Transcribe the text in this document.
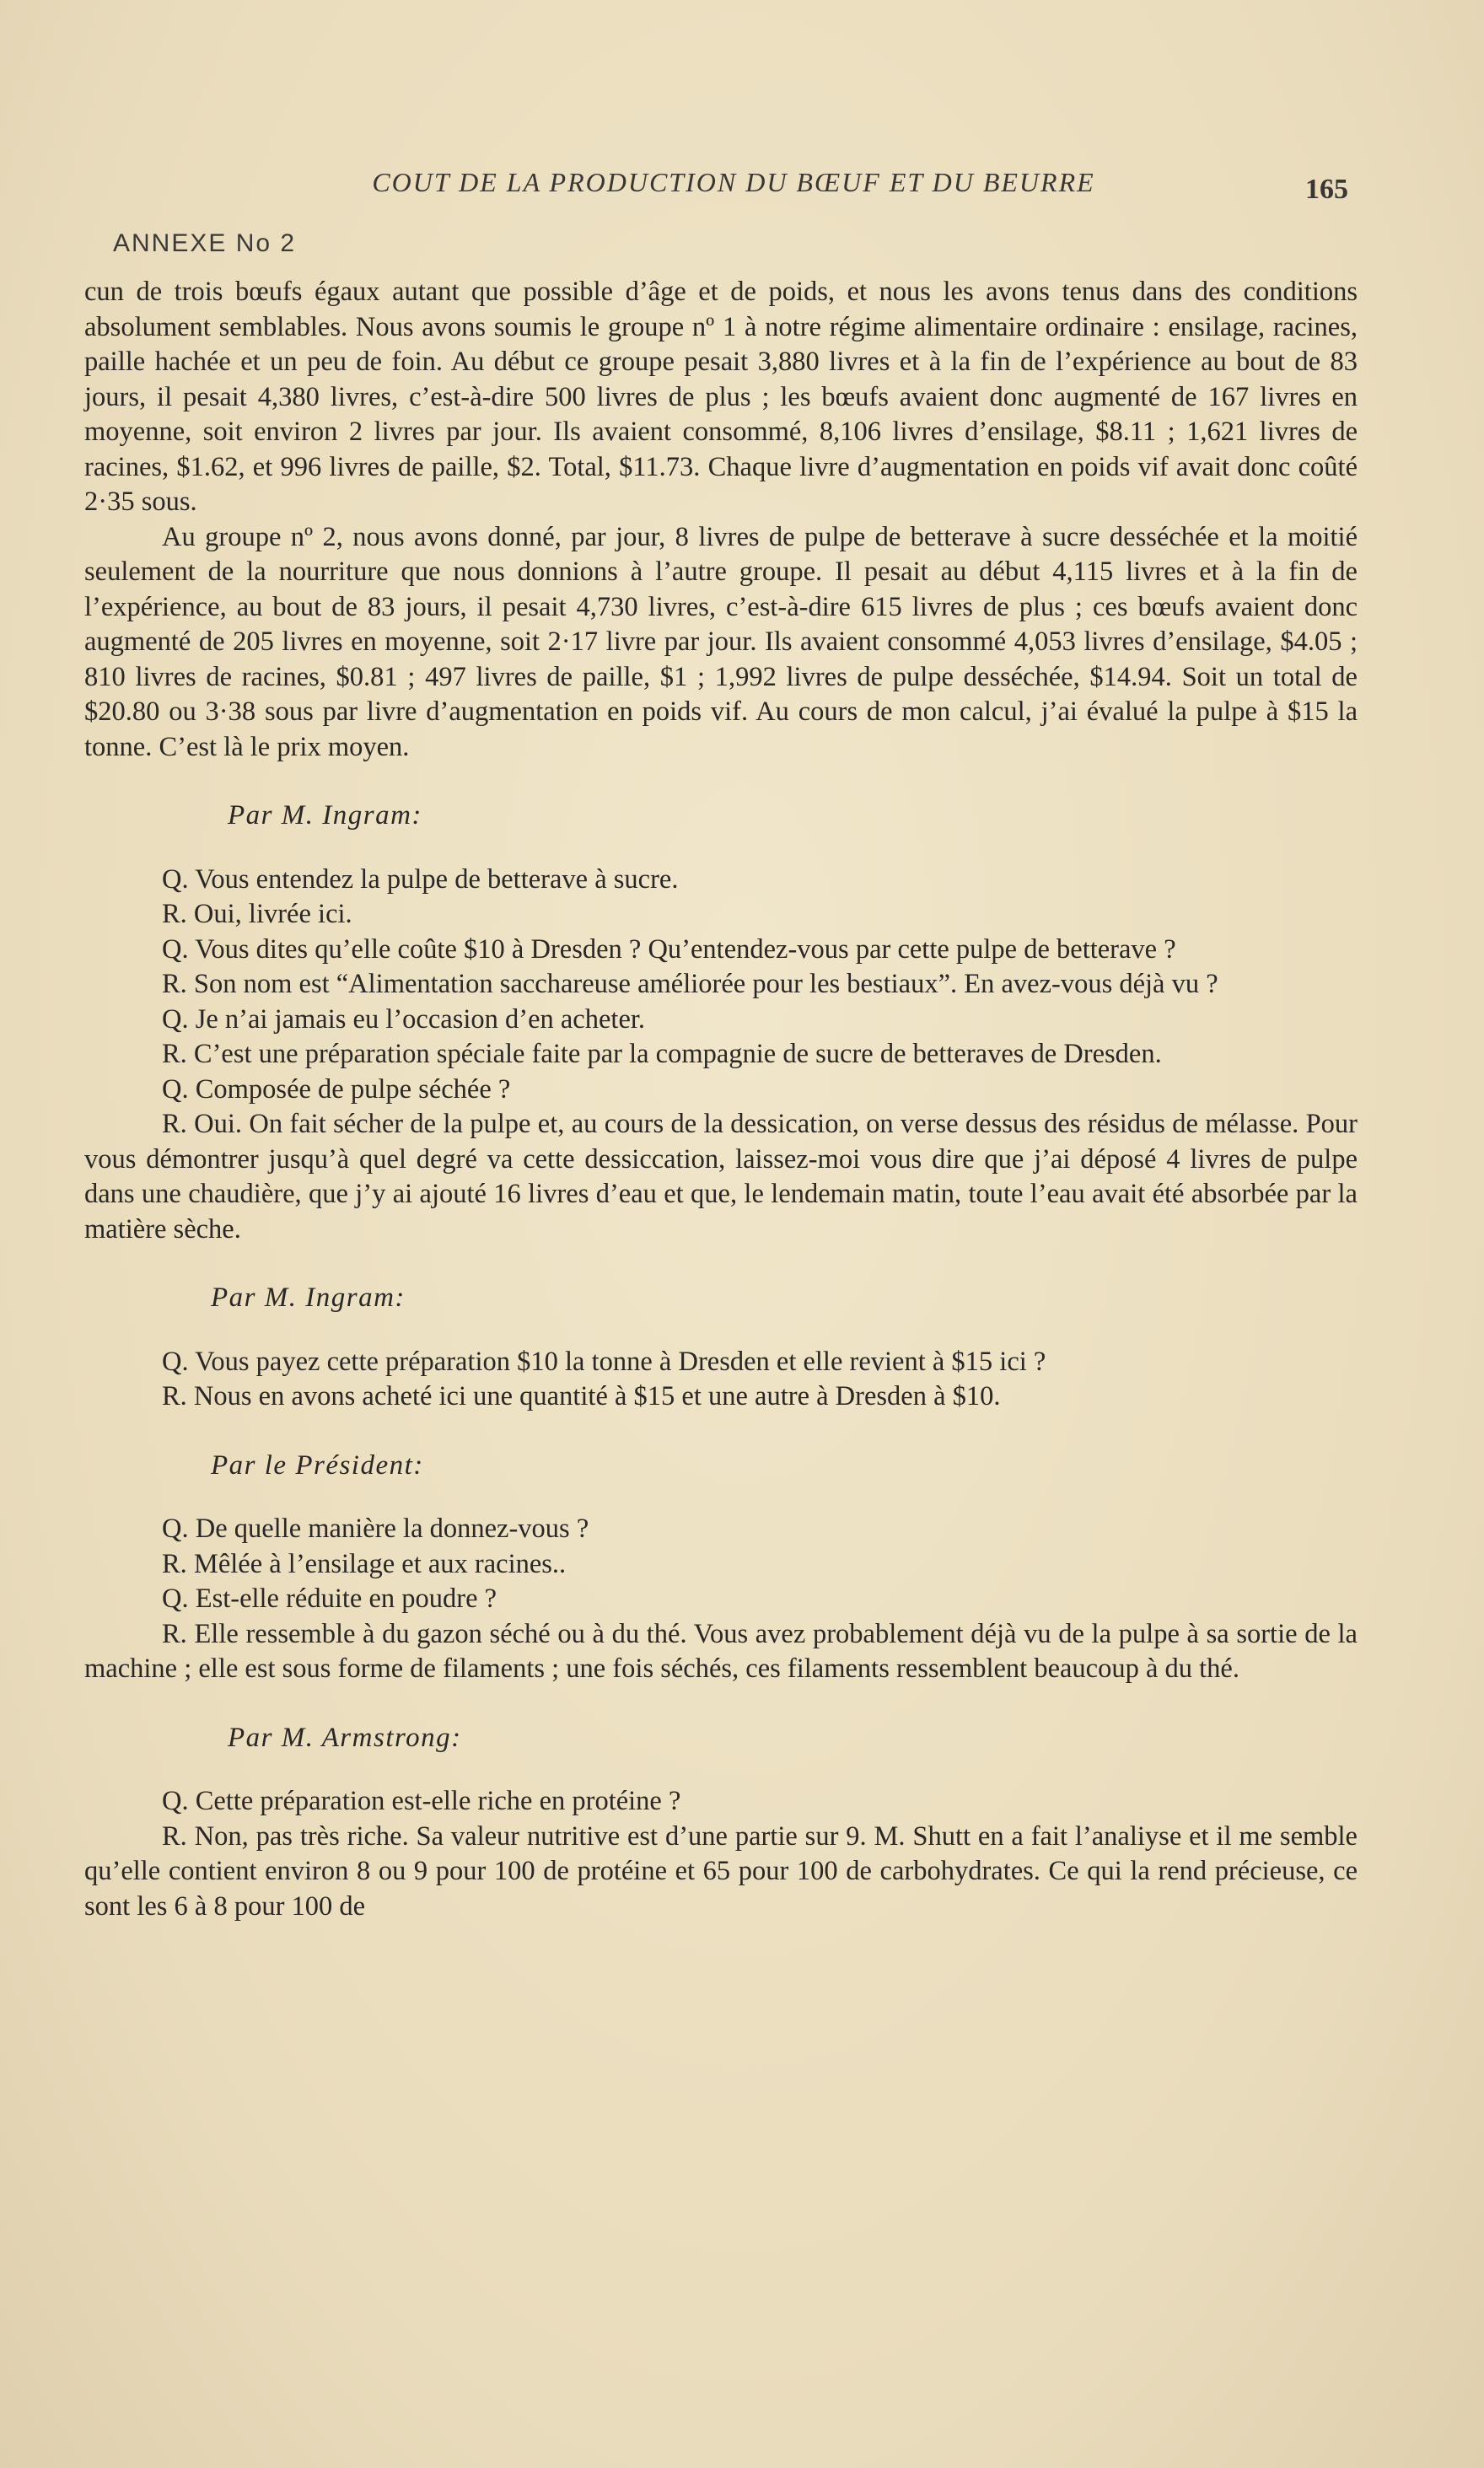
COUT DE LA PRODUCTION DU BŒUF ET DU BEURRE	165
ANNEXE No 2

cun de trois bœufs égaux autant que possible d’âge et de poids, et nous les avons tenus dans des conditions absolument semblables. Nous avons soumis le groupe nº 1 à notre régime alimentaire ordinaire : ensilage, racines, paille hachée et un peu de foin. Au début ce groupe pesait 3,880 livres et à la fin de l’expérience au bout de 83 jours, il pesait 4,380 livres, c’est-à-dire 500 livres de plus ; les bœufs avaient donc augmenté de 167 livres en moyenne, soit environ 2 livres par jour. Ils avaient consommé, 8,106 livres d’ensilage, $8.11 ; 1,621 livres de racines, $1.62, et 996 livres de paille, $2. Total, $11.73. Chaque livre d’augmentation en poids vif avait donc coûté 2·35 sous.

Au groupe nº 2, nous avons donné, par jour, 8 livres de pulpe de betterave à sucre desséchée et la moitié seulement de la nourriture que nous donnions à l’autre groupe. Il pesait au début 4,115 livres et à la fin de l’expérience, au bout de 83 jours, il pesait 4,730 livres, c’est-à-dire 615 livres de plus ; ces bœufs avaient donc augmenté de 205 livres en moyenne, soit 2·17 livre par jour. Ils avaient consommé 4,053 livres d’ensilage, $4.05 ; 810 livres de racines, $0.81 ; 497 livres de paille, $1 ; 1,992 livres de pulpe desséchée, $14.94. Soit un total de $20.80 ou 3·38 sous par livre d’augmentation en poids vif. Au cours de mon calcul, j’ai évalué la pulpe à $15 la tonne. C’est là le prix moyen.

Par M. Ingram:

Q. Vous entendez la pulpe de betterave à sucre.

R. Oui, livrée ici.

Q. Vous dites qu’elle coûte $10 à Dresden ? Qu’entendez-vous par cette pulpe de betterave ?

R. Son nom est “Alimentation sacchareuse améliorée pour les bestiaux”. En avez-vous déjà vu ?

Q. Je n’ai jamais eu l’occasion d’en acheter.

R. C’est une préparation spéciale faite par la compagnie de sucre de betteraves de Dresden.

Q. Composée de pulpe séchée ?

R. Oui. On fait sécher de la pulpe et, au cours de la dessication, on verse dessus des résidus de mélasse. Pour vous démontrer jusqu’à quel degré va cette dessiccation, laissez-moi vous dire que j’ai déposé 4 livres de pulpe dans une chaudière, que j’y ai ajouté 16 livres d’eau et que, le lendemain matin, toute l’eau avait été absorbée par la matière sèche.

Par M. Ingram:

Q. Vous payez cette préparation $10 la tonne à Dresden et elle revient à $15 ici ?

R. Nous en avons acheté ici une quantité à $15 et une autre à Dresden à $10.

Par le Président:

Q. De quelle manière la donnez-vous ?

R. Mêlée à l’ensilage et aux racines..

Q. Est-elle réduite en poudre ?

R. Elle ressemble à du gazon séché ou à du thé. Vous avez probablement déjà vu de la pulpe à sa sortie de la machine ; elle est sous forme de filaments ; une fois séchés, ces filaments ressemblent beaucoup à du thé.

Par M. Armstrong:

Q. Cette préparation est-elle riche en protéine ?

R. Non, pas très riche. Sa valeur nutritive est d’une partie sur 9. M. Shutt en a fait l’analiyse et il me semble qu’elle contient environ 8 ou 9 pour 100 de protéine et 65 pour 100 de carbohydrates. Ce qui la rend précieuse, ce sont les 6 à 8 pour 100 de
